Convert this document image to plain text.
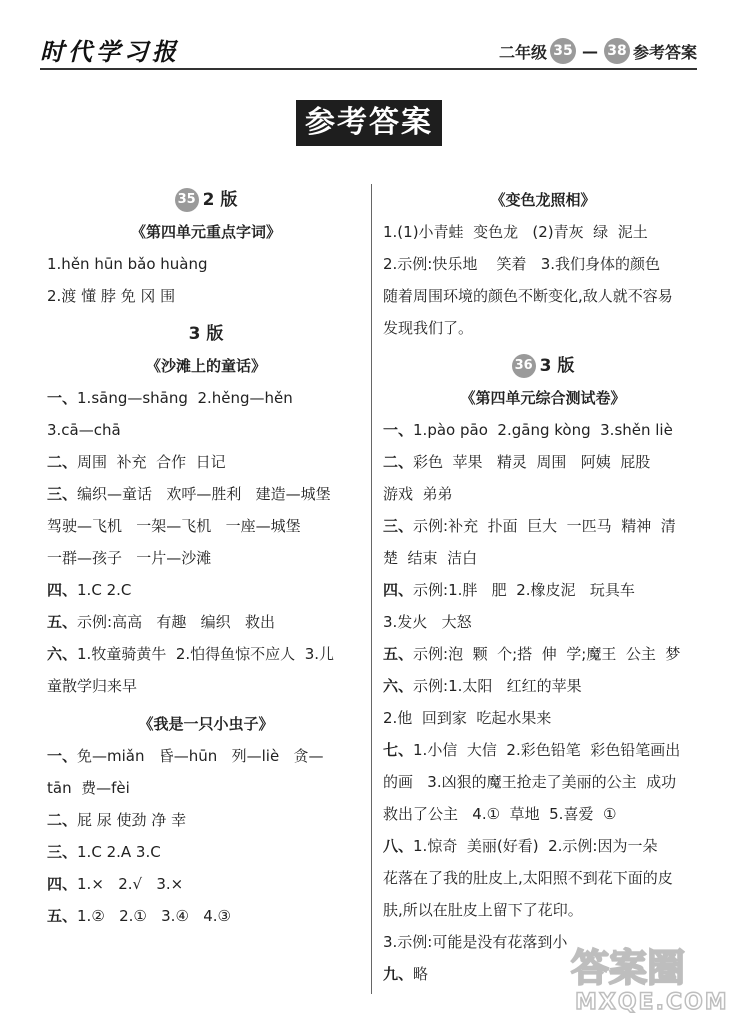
时代学习报	二年级 35 — 38 参考答案
参考答案
35 2 版
《第四单元重点字词》
1.hěn hūn bǎo huàng
2.渡 懂 脖 免 冈 围
3 版
《沙滩上的童话》
一、1.sāng—shāng  2.hěng—hěn
3.cā—chā
二、周围  补充  合作  日记
三、编织—童话   欢呼—胜利   建造—城堡
驾驶—飞机   一架—飞机   一座—城堡
一群—孩子   一片—沙滩
四、1.C 2.C
五、示例:高高   有趣   编织   救出
六、1.牧童骑黄牛  2.怕得鱼惊不应人  3.儿
童散学归来早
《我是一只小虫子》
一、免—miǎn   昏—hūn   列—liè   贪—
tān  费—fèi
二、屁 尿 使劲 净 幸
三、1.C 2.A 3.C
四、1.×   2.√   3.×
五、1.②   2.①   3.④   4.③
《变色龙照相》
1.(1)小青蛙  变色龙   (2)青灰  绿  泥土
2.示例:快乐地    笑着   3.我们身体的颜色
随着周围环境的颜色不断变化,敌人就不容易
发现我们了。
36 3 版
《第四单元综合测试卷》
一、1.pào pāo  2.gāng kòng  3.shěn liè
二、彩色  苹果   精灵  周围   阿姨  屁股
游戏  弟弟
三、示例:补充  扑面  巨大  一匹马  精神  清
楚  结束  洁白
四、示例:1.胖   肥  2.橡皮泥   玩具车
3.发火   大怒
五、示例:泡  颗  个;搭  伸  学;魔王  公主  梦
六、示例:1.太阳   红红的苹果
2.他  回到家  吃起水果来
七、1.小信  大信  2.彩色铅笔  彩色铅笔画出
的画   3.凶狠的魔王抢走了美丽的公主  成功
救出了公主   4.①  草地  5.喜爱  ①
八、1.惊奇  美丽(好看)  2.示例:因为一朵
花落在了我的肚皮上,太阳照不到花下面的皮
肤,所以在肚皮上留下了花印。
3.示例:可能是没有花落到小
九、略	答案圈
MXQE.COM
